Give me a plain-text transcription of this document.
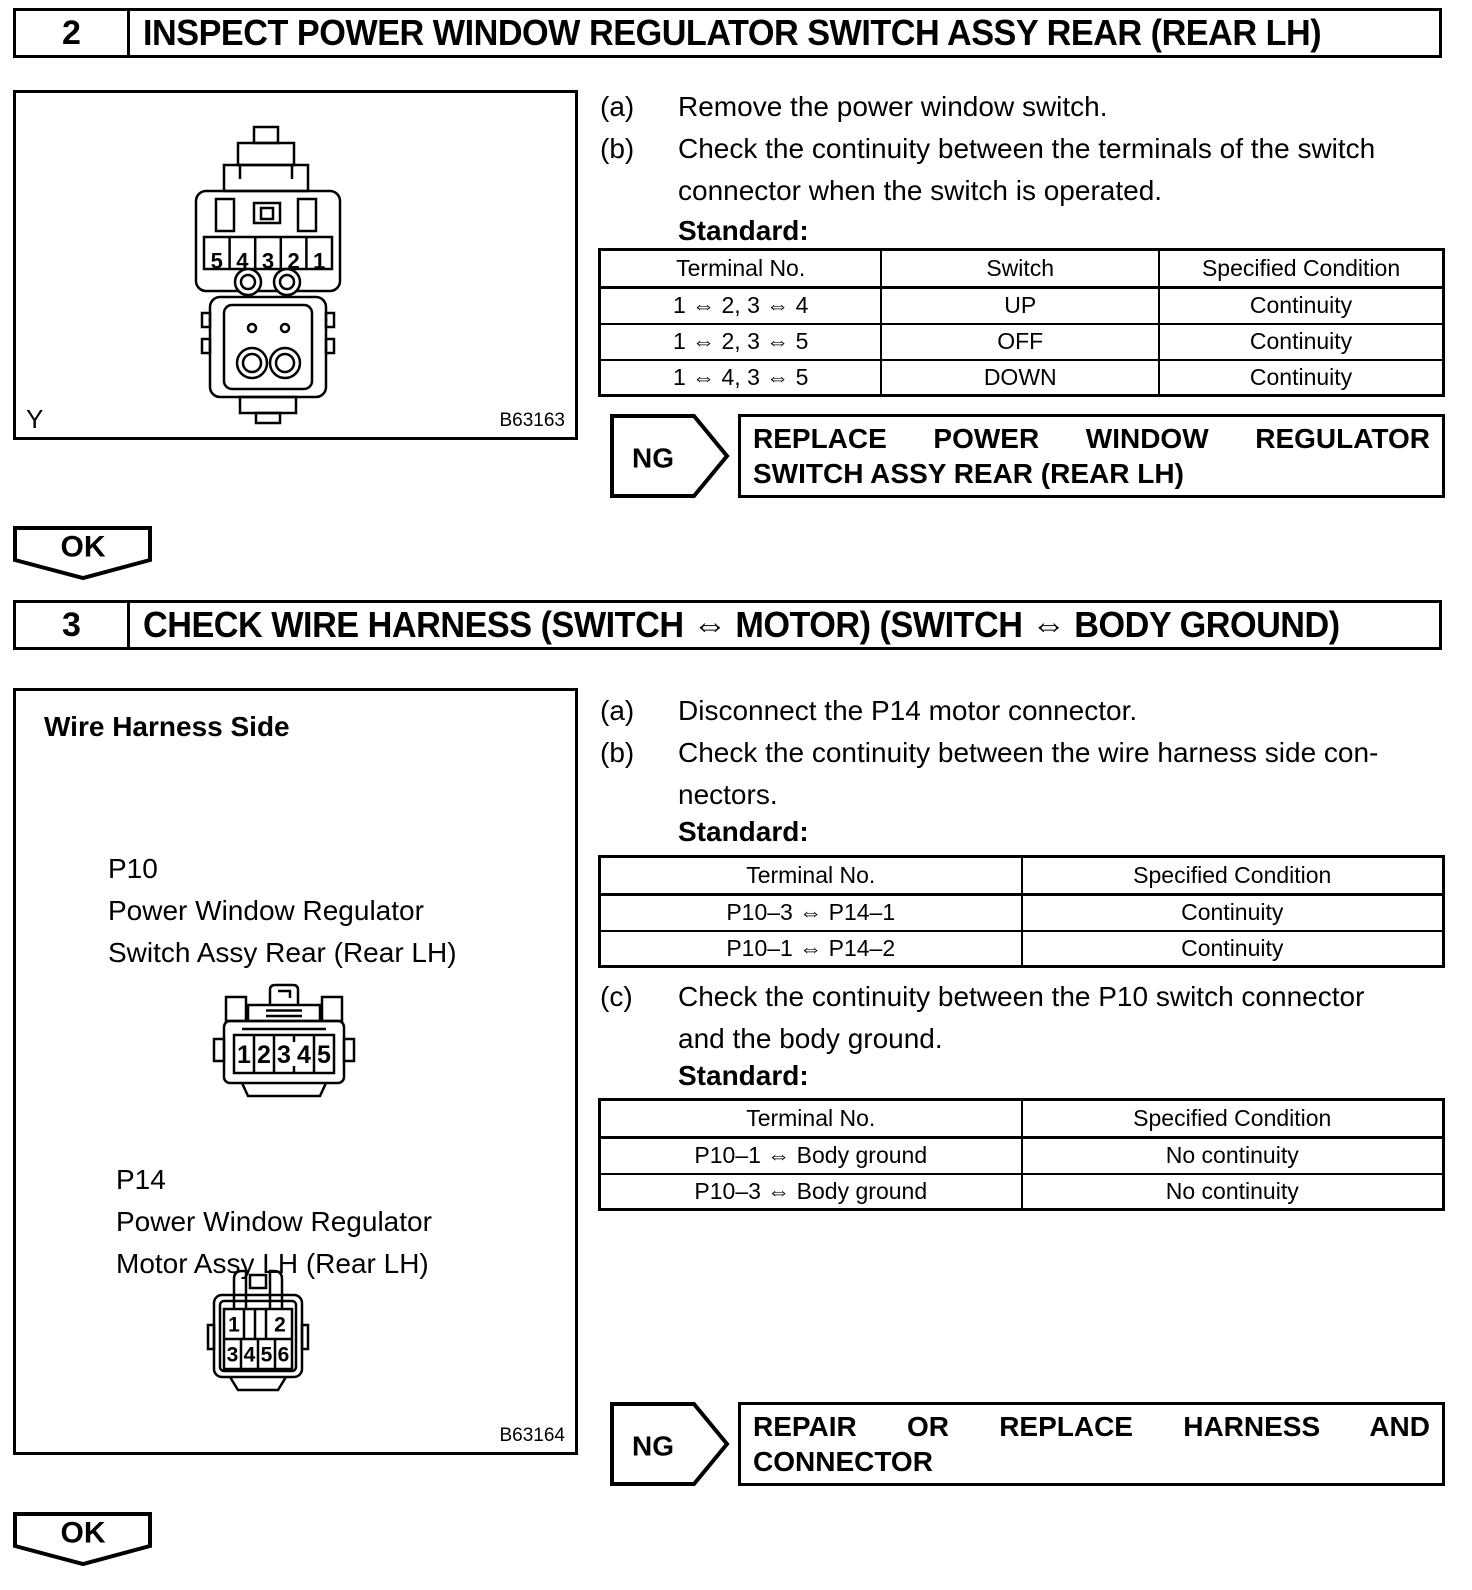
2	INSPECT POWER WINDOW REGULATOR SWITCH ASSY REAR (REAR LH)
5 4 3 2 1
Y	B63163
(a)	Remove the power window switch.
(b)	Check the continuity between the terminals of the switch
connector when the switch is operated.
Standard:
Terminal No.	Switch	Specified Condition
1 ⇔ 2, 3 ⇔ 4	UP	Continuity
1 ⇔ 2, 3 ⇔ 5	OFF	Continuity
1 ⇔ 4, 3 ⇔ 5	DOWN	Continuity
NG
REPLACE POWER WINDOW REGULATOR
SWITCH ASSY REAR (REAR LH)
OK
3	CHECK WIRE HARNESS (SWITCH ⇔ MOTOR) (SWITCH ⇔ BODY GROUND)
Wire Harness Side
P10
Power Window Regulator
Switch Assy Rear (Rear LH)
1 2 3 4 5
P14
Power Window Regulator
Motor Assy LH (Rear LH)
1 2
3 4 5 6
B63164
(a)	Disconnect the P14 motor connector.
(b)	Check the continuity between the wire harness side con-
nectors.
Standard:
Terminal No.	Specified Condition
P10–3 ⇔ P14–1	Continuity
P10–1 ⇔ P14–2	Continuity
(c)	Check the continuity between the P10 switch connector
and the body ground.
Standard:
Terminal No.	Specified Condition
P10–1 ⇔ Body ground	No continuity
P10–3 ⇔ Body ground	No continuity
NG
REPAIR OR REPLACE HARNESS AND
CONNECTOR
OK
